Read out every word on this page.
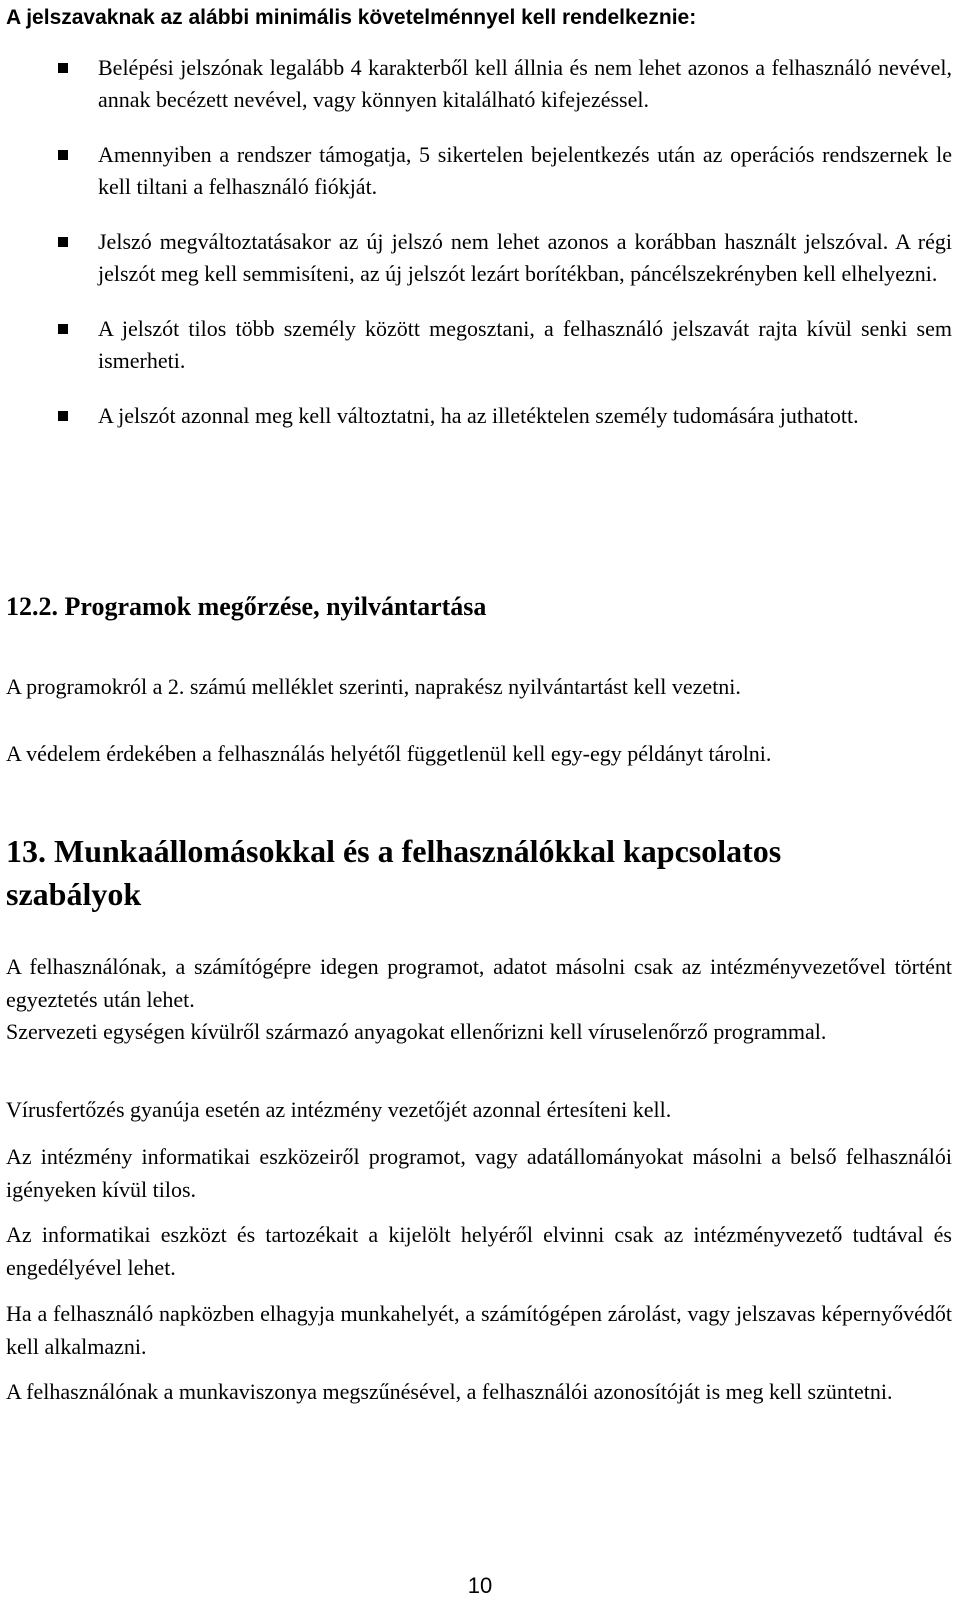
A jelszavaknak az alábbi minimális követelménnyel kell rendelkeznie:
Belépési jelszónak legalább 4 karakterből kell állnia és nem lehet azonos a felhasználó nevével, annak becézett nevével, vagy könnyen kitalálható kifejezéssel.
Amennyiben a rendszer támogatja, 5 sikertelen bejelentkezés után az operációs rendszernek le kell tiltani a felhasználó fiókját.
Jelszó megváltoztatásakor az új jelszó nem lehet azonos a korábban használt jelszóval. A régi jelszót meg kell semmisíteni, az új jelszót lezárt borítékban, páncélszekrényben kell elhelyezni.
A jelszót tilos több személy között megosztani, a felhasználó jelszavát rajta kívül senki sem ismerheti.
A jelszót azonnal meg kell változtatni, ha az illetéktelen személy tudomására juthatott.
12.2. Programok megőrzése, nyilvántartása

A programokról a 2. számú melléklet szerinti, naprakész nyilvántartást kell vezetni.

A védelem érdekében a felhasználás helyétől függetlenül kell egy-egy példányt tárolni.

13. Munkaállomásokkal és a felhasználókkal kapcsolatos szabályok

A felhasználónak, a számítógépre idegen programot, adatot másolni csak az intézményvezetővel történt egyeztetés után lehet.

Szervezeti egységen kívülről származó anyagokat ellenőrizni kell víruselenőrző programmal.

Vírusfertőzés gyanúja esetén az intézmény vezetőjét azonnal értesíteni kell.

Az intézmény informatikai eszközeiről programot, vagy adatállományokat másolni a belső felhasználói igényeken kívül tilos.

Az informatikai eszközt és tartozékait a kijelölt helyéről elvinni csak az intézményvezető tudtával és engedélyével lehet.

Ha a felhasználó napközben elhagyja munkahelyét, a számítógépen zárolást, vagy jelszavas képernyővédőt kell alkalmazni.

A felhasználónak a munkaviszonya megszűnésével, a felhasználói azonosítóját is meg kell szüntetni.

10
